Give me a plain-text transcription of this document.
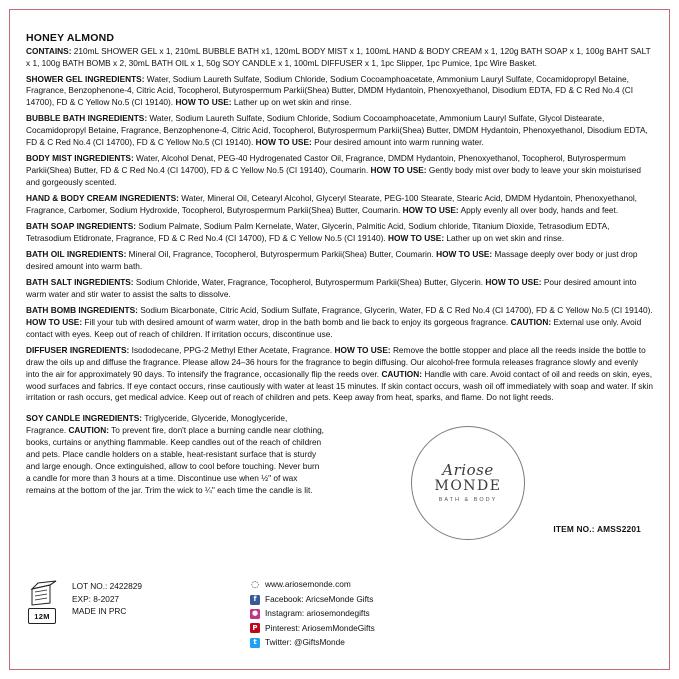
HONEY ALMOND

CONTAINS: 210mL SHOWER GEL x 1, 210mL BUBBLE BATH x1, 120mL BODY MIST x 1, 100mL HAND & BODY CREAM x 1, 120g BATH SOAP x 1, 100g BAHT SALT x 1, 100g BATH BOMB x 2, 30mL BATH OIL x 1, 50g SOY CANDLE x 1, 100mL DIFFUSER x 1, 1pc Slipper, 1pc Pumice, 1pc Wire Basket.

SHOWER GEL INGREDIENTS: Water, Sodium Laureth Sulfate, Sodium Chloride, Sodium Cocoamphoacetate, Ammonium Lauryl Sulfate, Cocamidopropyl Betaine, Fragrance, Benzophenone-4, Citric Acid, Tocopherol, Butyrospermum Parkii(Shea) Butter, DMDM Hydantoin, Phenoxyethanol, Disodium EDTA, FD & C Red No.4 (CI 14700), FD & C Yellow No.5 (CI 19140). HOW TO USE: Lather up on wet skin and rinse.

BUBBLE BATH INGREDIENTS: Water, Sodium Laureth Sulfate, Sodium Chloride, Sodium Cocoamphoacetate, Ammonium Lauryl Sulfate, Glycol Distearate, Cocamidopropyl Betaine, Fragrance, Benzophenone-4, Citric Acid, Tocopherol, Butyrospermum Parkii(Shea) Butter, DMDM Hydantoin, Phenoxyethanol, Disodium EDTA, FD & C Red No.4 (CI 14700), FD & C Yellow No.5 (CI 19140). HOW TO USE: Pour desired amount into warm running water.

BODY MIST INGREDIENTS: Water, Alcohol Denat, PEG-40 Hydrogenated Castor Oil, Fragrance, DMDM Hydantoin, Phenoxyethanol, Tocopherol, Butyrospermum Parkii(Shea) Butter, FD & C Red No.4 (CI 14700), FD & C Yellow No.5 (CI 19140), Coumarin. HOW TO USE: Gently body mist over body to leave your skin moisturised and gorgeously scented.

HAND & BODY CREAM INGREDIENTS: Water, Mineral Oil, Cetearyl Alcohol, Glyceryl Stearate, PEG-100 Stearate, Stearic Acid, DMDM Hydantoin, Phenoxyethanol, Fragrance, Carbomer, Sodium Hydroxide, Tocopherol, Butyrospermum Parkii(Shea) Butter, Coumarin. HOW TO USE: Apply evenly all over body, hands and feet.

BATH SOAP INGREDIENTS: Sodium Palmate, Sodium Palm Kernelate, Water, Glycerin, Palmitic Acid, Sodium chloride, Titanium Dioxide, Tetrasodium EDTA, Tetrasodium Etidronate, Fragrance, FD & C Red No.4 (CI 14700), FD & C Yellow No.5 (CI 19140). HOW TO USE: Lather up on wet skin and rinse.

BATH OIL INGREDIENTS: Mineral Oil, Fragrance, Tocopherol, Butyrospermum Parkii(Shea) Butter, Coumarin. HOW TO USE: Massage deeply over body or just drop desired amount into warm bath.

BATH SALT INGREDIENTS: Sodium Chloride, Water, Fragrance, Tocopherol, Butyrospermum Parkii(Shea) Butter, Glycerin. HOW TO USE: Pour desired amount into warm water and stir water to assist the salts to dissolve.

BATH BOMB INGREDIENTS: Sodium Bicarbonate, Citric Acid, Sodium Sulfate, Fragrance, Glycerin, Water, FD & C Red No.4 (CI 14700), FD & C Yellow No.5 (CI 19140). HOW TO USE: Fill your tub with desired amount of warm water, drop in the bath bomb and lie back to enjoy its gorgeous fragrance. CAUTION: External use only. Avoid contact with eyes. Keep out of reach of children. If irritation occurs, discontinue use.

DIFFUSER INGREDIENTS: Isododecane, PPG-2 Methyl Ether Acetate, Fragrance. HOW TO USE: Remove the bottle stopper and place all the reeds inside the bottle to draw the oils up and diffuse the fragrance. Please allow 24–36 hours for the fragrance to begin diffusing. Our alcohol-free formula releases fragrance slowly and evenly into the air for approximately 90 days. To intensify the fragrance, occasionally flip the reeds over. CAUTION: Handle with care. Avoid contact of oil and reeds on skin, eyes, wood surfaces and fabrics. If eye contact occurs, rinse cautiously with water at least 15 minutes. If skin contact occurs, wash oil off immediately with soap and water. If skin irritation or rash occurs, get medical advice. Keep out of reach of children and pets. Keep away from heat, sparks, and flame. Do not light reeds.

SOY CANDLE INGREDIENTS: Triglyceride, Glyceride, Monoglyceride, Fragrance. CAUTION: To prevent fire, don't place a burning candle near clothing, books, curtains or anything flammable. Keep candles out of the reach of children and pets. Place candle holders on a stable, heat-resistant surface that is sturdy and large enough. Once extinguished, allow to cool before touching. Never burn a candle for more than 3 hours at a time. Discontinue use when ½" of wax remains at the bottom of the jar. Trim the wick to ¼" each time the candle is lit.

Ariose
MONDE
BATH & BODY
ITEM NO.: AMSS2201
12M
LOT NO.: 2422829
EXP: 8-2027
MADE IN PRC
◌ www.ariosemonde.com
f	Facebook: AricseMonde Gifts
● Instagram: ariosemondegifts
P Pinterest: AriosemMondeGifts
t	Twitter: @GiftsMonde
